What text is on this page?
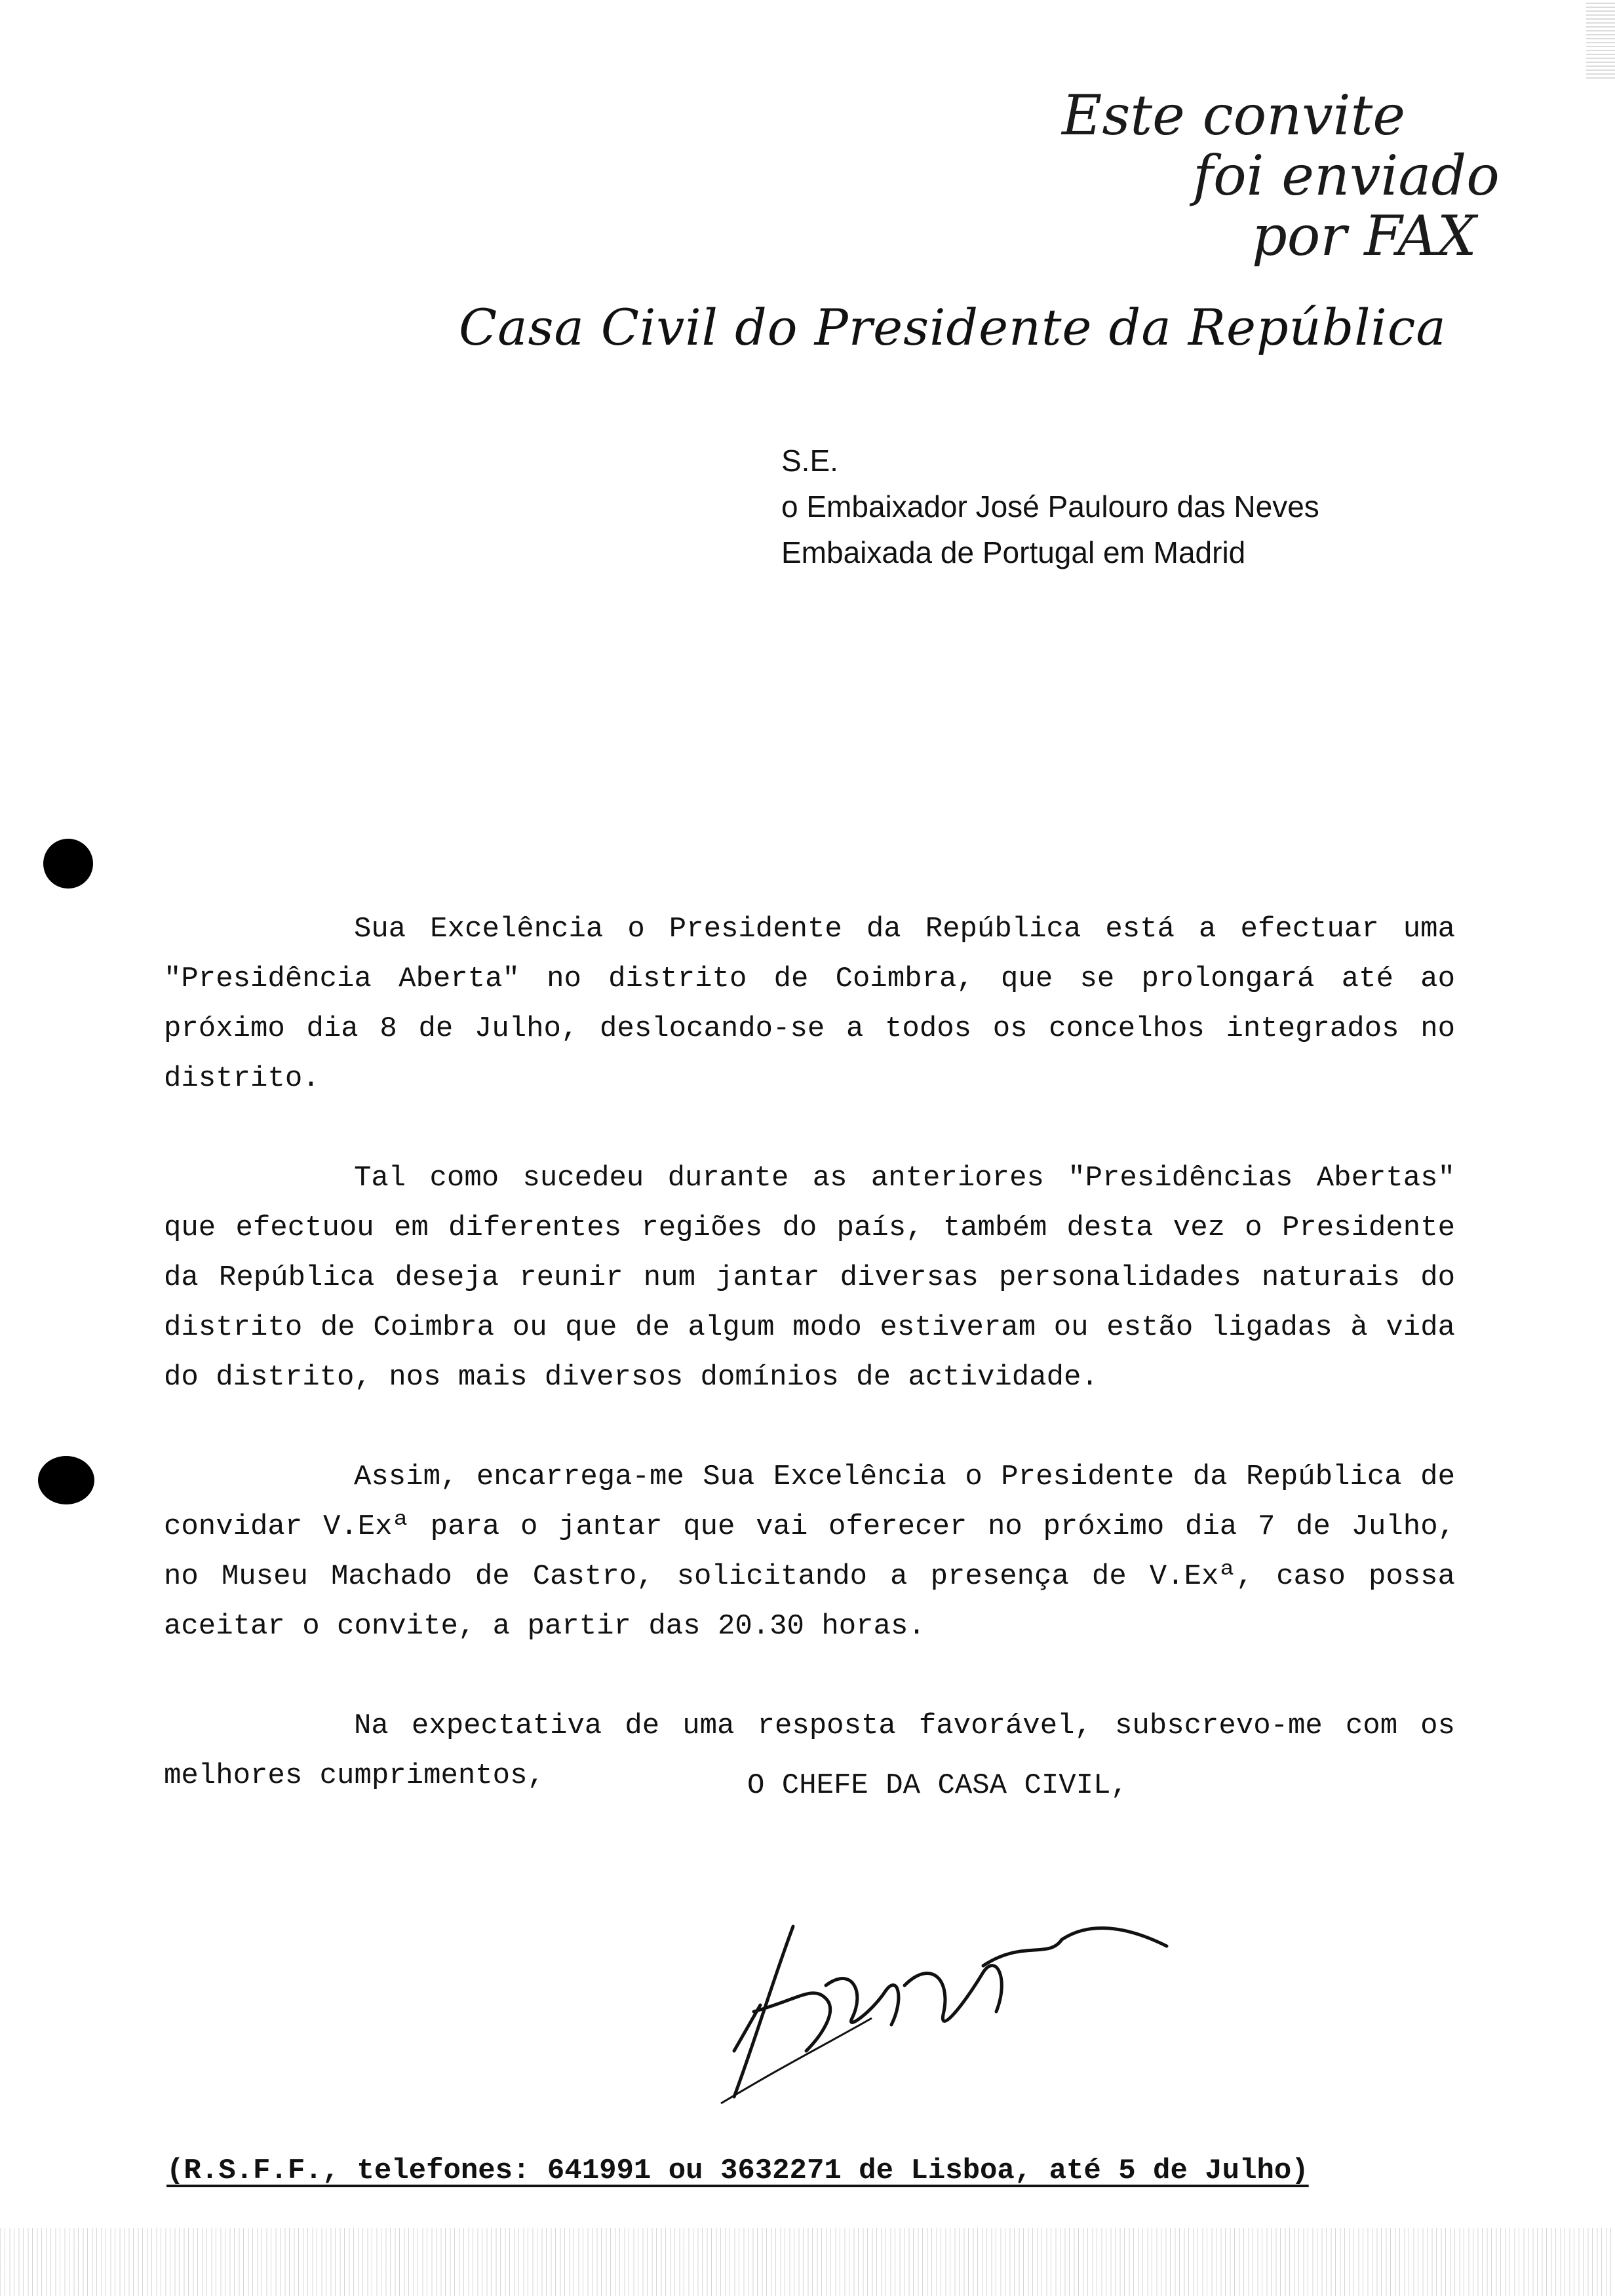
Este convite
foi enviado
por FAX
Casa Civil do Presidente da República
S.E.
o Embaixador José Paulouro das Neves
Embaixada de Portugal em Madrid

Sua Excelência o Presidente da República está a efectuar uma "Presidência Aberta" no distrito de Coimbra, que se prolongará até ao próximo dia 8 de Julho, deslocando-se a todos os concelhos integrados no distrito.

Tal como sucedeu durante as anteriores "Presidências Abertas" que efectuou em diferentes regiões do país, também desta vez o Presidente da República deseja reunir num jantar diversas personalidades naturais do distrito de Coimbra ou que de algum modo estiveram ou estão ligadas à vida do distrito, nos mais diversos domínios de actividade.

Assim, encarrega-me Sua Excelência o Presidente da República de convidar V.Exª para o jantar que vai oferecer no próximo dia 7 de Julho, no Museu Machado de Castro, solicitando a presença de V.Exª, caso possa aceitar o convite, a partir das 20.30 horas.

Na expectativa de uma resposta favorável, subscrevo-me com os melhores cumprimentos,	O CHEFE DA CASA CIVIL,
(R.S.F.F., telefones: 641991 ou 3632271 de Lisboa, até 5 de Julho)
